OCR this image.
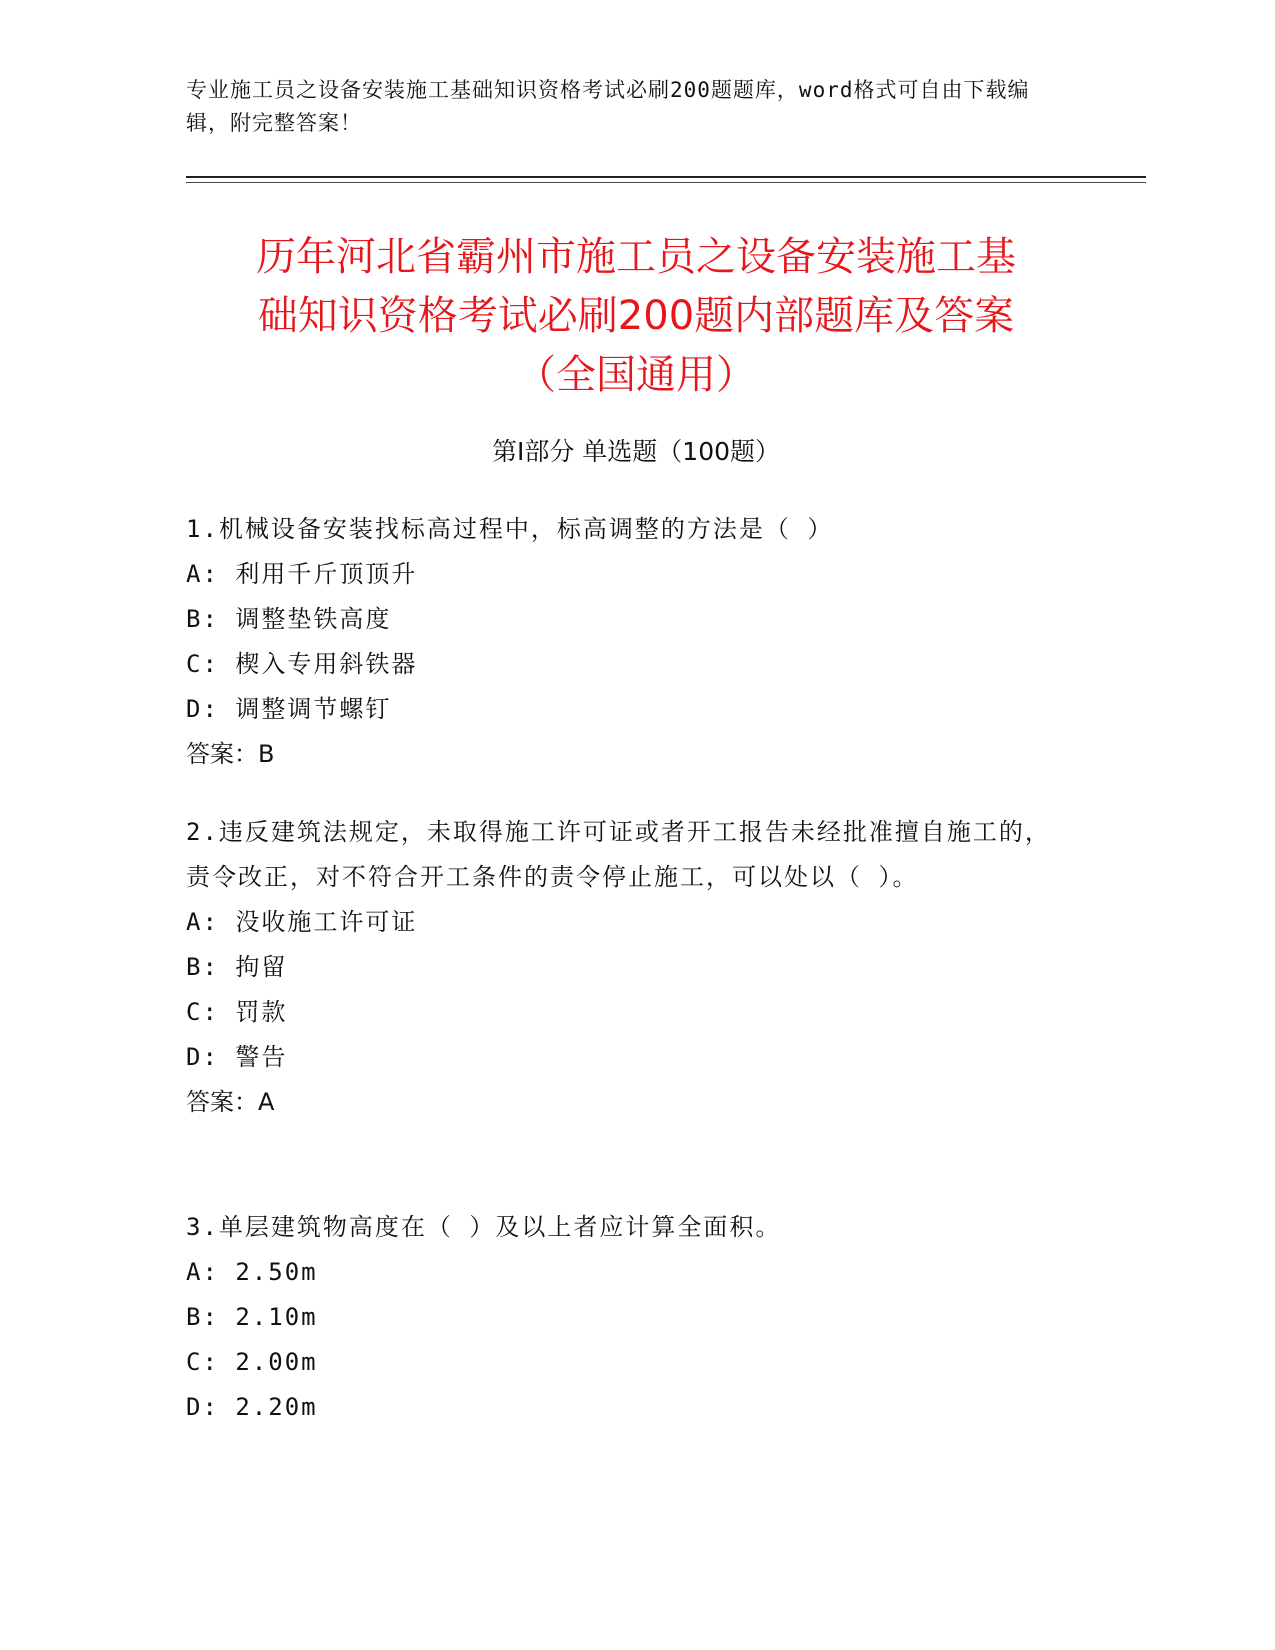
专业施工员之设备安装施工基础知识资格考试必刷200题题库，word格式可自由下载编辑，附完整答案！
历年河北省霸州市施工员之设备安装施工基
础知识资格考试必刷200题内部题库及答案
（全国通用）
第Ⅰ部分 单选题（100题）

1.机械设备安装找标高过程中，标高调整的方法是（ ）

A: 利用千斤顶顶升

B: 调整垫铁高度

C: 楔入专用斜铁器

D: 调整调节螺钉

答案：B

2.违反建筑法规定，未取得施工许可证或者开工报告未经批准擅自施工的，责令改正，对不符合开工条件的责令停止施工，可以处以（ ）。

A: 没收施工许可证

B: 拘留

C: 罚款

D: 警告

答案：A

3.单层建筑物高度在（ ）及以上者应计算全面积。

A: 2.50m

B: 2.10m

C: 2.00m

D: 2.20m
